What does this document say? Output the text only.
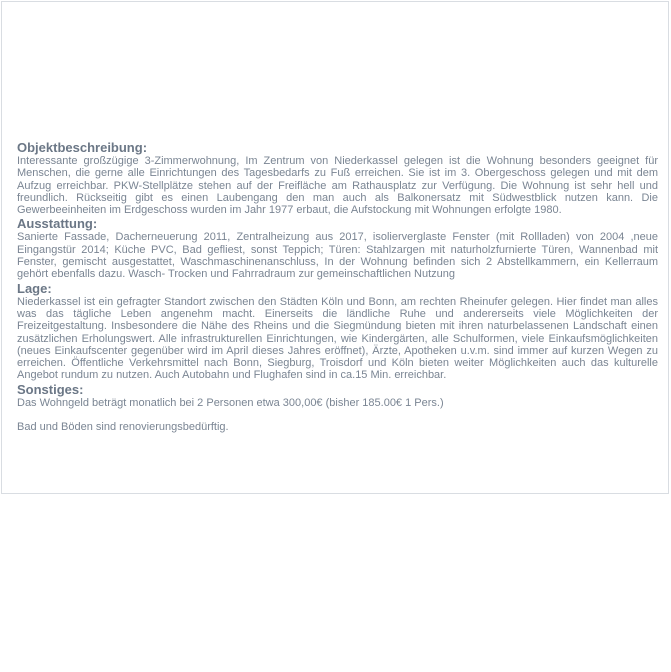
Objektbeschreibung:

Interessante großzügige 3-Zimmerwohnung, Im Zentrum von Niederkassel gelegen ist die Wohnung besonders geeignet für Menschen, die gerne alle Einrichtungen des Tagesbedarfs zu Fuß erreichen. Sie ist im 3. Obergeschoss gelegen und mit dem Aufzug erreichbar. PKW-Stellplätze stehen auf der Freifläche am Rathausplatz zur Verfügung. Die Wohnung ist sehr hell und freundlich. Rückseitig gibt es einen Laubengang den man auch als Balkonersatz mit Südwestblick nutzen kann. Die Gewerbeeinheiten im Erdgeschoss wurden im Jahr 1977 erbaut, die Aufstockung mit Wohnungen erfolgte 1980.

Ausstattung:

Sanierte Fassade, Dacherneuerung 2011, Zentralheizung aus 2017, isolierverglaste Fenster (mit Rollladen) von 2004 ,neue Eingangstür 2014; Küche PVC, Bad gefliest, sonst Teppich; Türen: Stahlzargen mit naturholzfurnierte Türen, Wannenbad mit Fenster, gemischt ausgestattet, Waschmaschinenanschluss, In der Wohnung befinden sich 2 Abstellkammern, ein Kellerraum gehört ebenfalls dazu. Wasch- Trocken und Fahrradraum zur gemeinschaftlichen Nutzung

Lage:

Niederkassel ist ein gefragter Standort zwischen den Städten Köln und Bonn, am rechten Rheinufer gelegen. Hier findet man alles was das tägliche Leben angenehm macht. Einerseits die ländliche Ruhe und andererseits viele Möglichkeiten der Freizeitgestaltung. Insbesondere die Nähe des Rheins und die Siegmündung bieten mit ihren naturbelassenen Landschaft einen zusätzlichen Erholungswert. Alle infrastrukturellen Einrichtungen, wie Kindergärten, alle Schulformen, viele Einkaufsmöglichkeiten (neues Einkaufscenter gegenüber wird im April dieses Jahres eröffnet), Ärzte, Apotheken u.v.m. sind immer auf kurzen Wegen zu erreichen. Öffentliche Verkehrsmittel nach Bonn, Siegburg, Troisdorf und Köln bieten weiter Möglichkeiten auch das kulturelle Angebot rundum zu nutzen. Auch Autobahn und Flughafen sind in ca.15 Min. erreichbar.

Sonstiges:

Das Wohngeld beträgt monatlich bei 2 Personen etwa 300,00€ (bisher 185.00€ 1 Pers.)

Bad und Böden sind renovierungsbedürftig.
